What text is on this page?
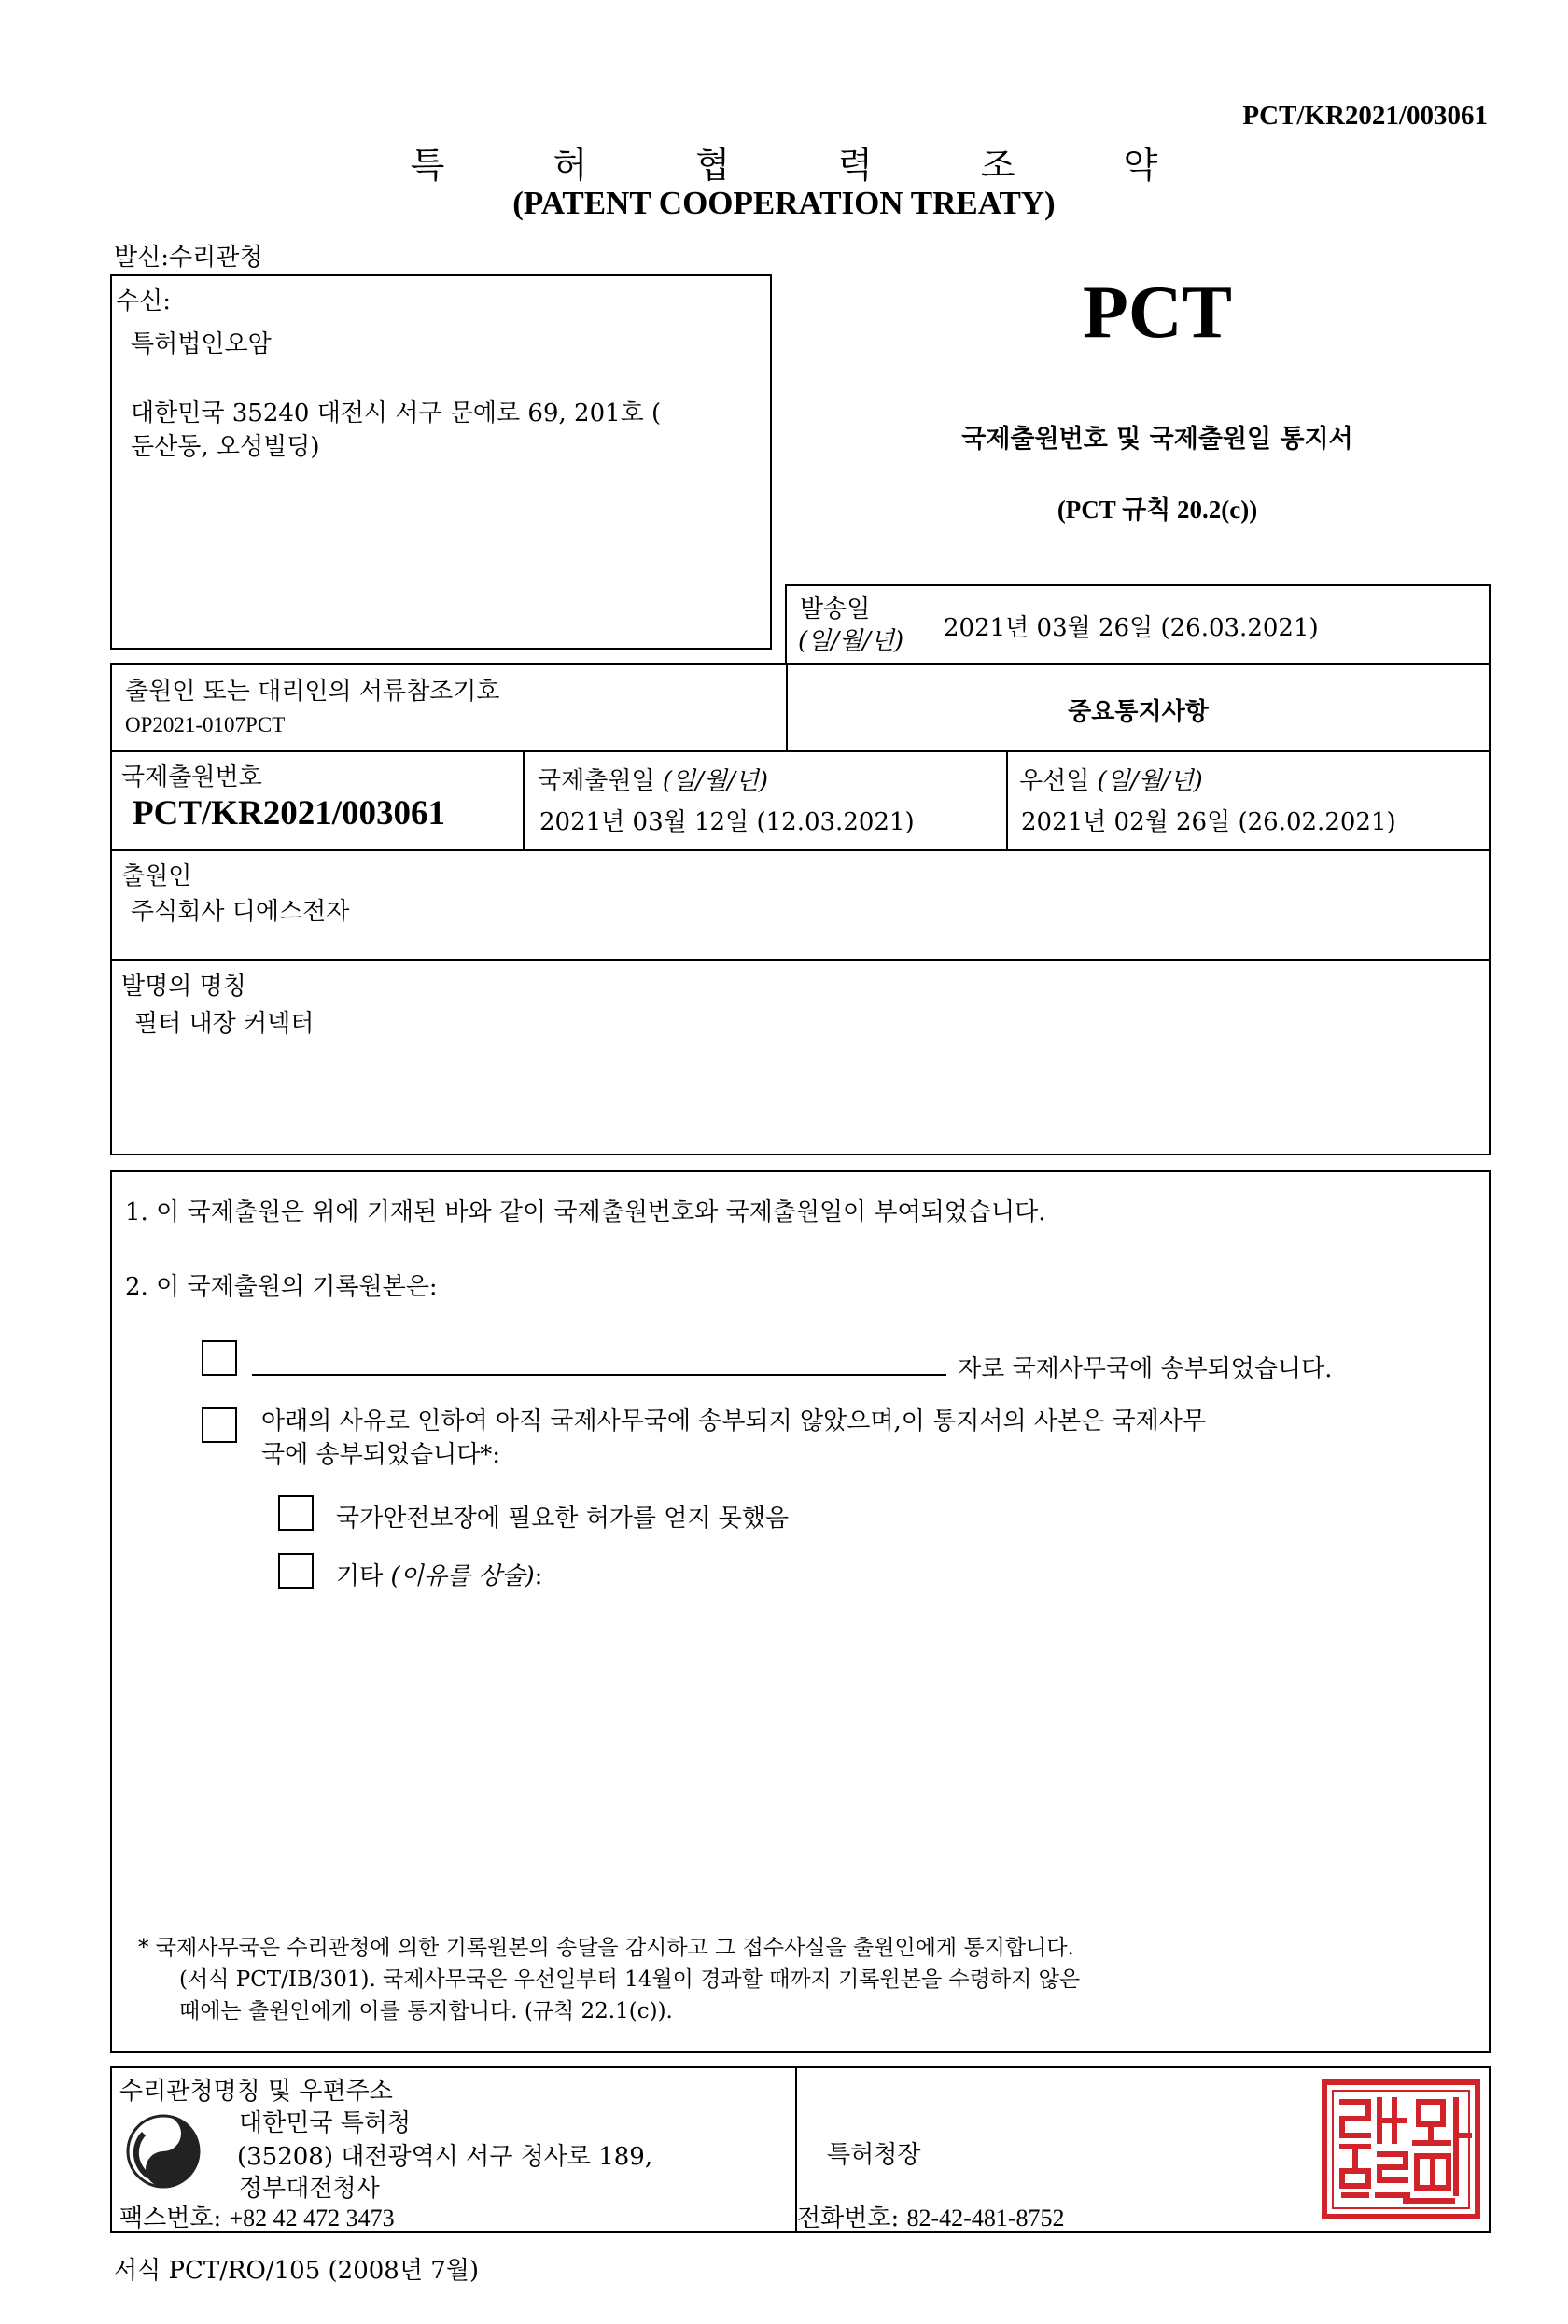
PCT/KR2021/003061
특 허 협 력 조 약
(PATENT COOPERATION TREATY)
발신:수리관청
수신:
특허법인오암
대한민국 35240 대전시 서구 문예로 69, 201호 (
둔산동, 오성빌딩)
PCT
국제출원번호 및 국제출원일 통지서
(PCT 규칙 20.2(c))
발송일
(일/월/년) 2021년 03월 26일 (26.03.2021)
출원인 또는 대리인의 서류참조기호
OP2021-0107PCT	중요통지사항
국제출원번호
PCT/KR2021/003061
국제출원일 (일/월/년)
2021년 03월 12일 (12.03.2021)
우선일 (일/월/년)
2021년 02월 26일 (26.02.2021)
출원인
주식회사 디에스전자
발명의 명칭
필터 내장 커넥터
1. 이 국제출원은 위에 기재된 바와 같이 국제출원번호와 국제출원일이 부여되었습니다.
2. 이 국제출원의 기록원본은:
자로 국제사무국에 송부되었습니다.
아래의 사유로 인하여 아직 국제사무국에 송부되지 않았으며,이 통지서의 사본은 국제사무
국에 송부되었습니다*:
국가안전보장에 필요한 허가를 얻지 못했음
기타 (이유를 상술):
* 국제사무국은 수리관청에 의한 기록원본의 송달을 감시하고 그 접수사실을 출원인에게 통지합니다.
(서식 PCT/IB/301). 국제사무국은 우선일부터 14월이 경과할 때까지 기록원본을 수령하지 않은
때에는 출원인에게 이를 통지합니다. (규칙 22.1(c)).
수리관청명칭 및 우편주소
대한민국 특허청
(35208) 대전광역시 서구 청사로 189,
정부대전청사
팩스번호: +82 42 472 3473
특허청장
전화번호: 82-42-481-8752
서식 PCT/RO/105 (2008년 7월)
